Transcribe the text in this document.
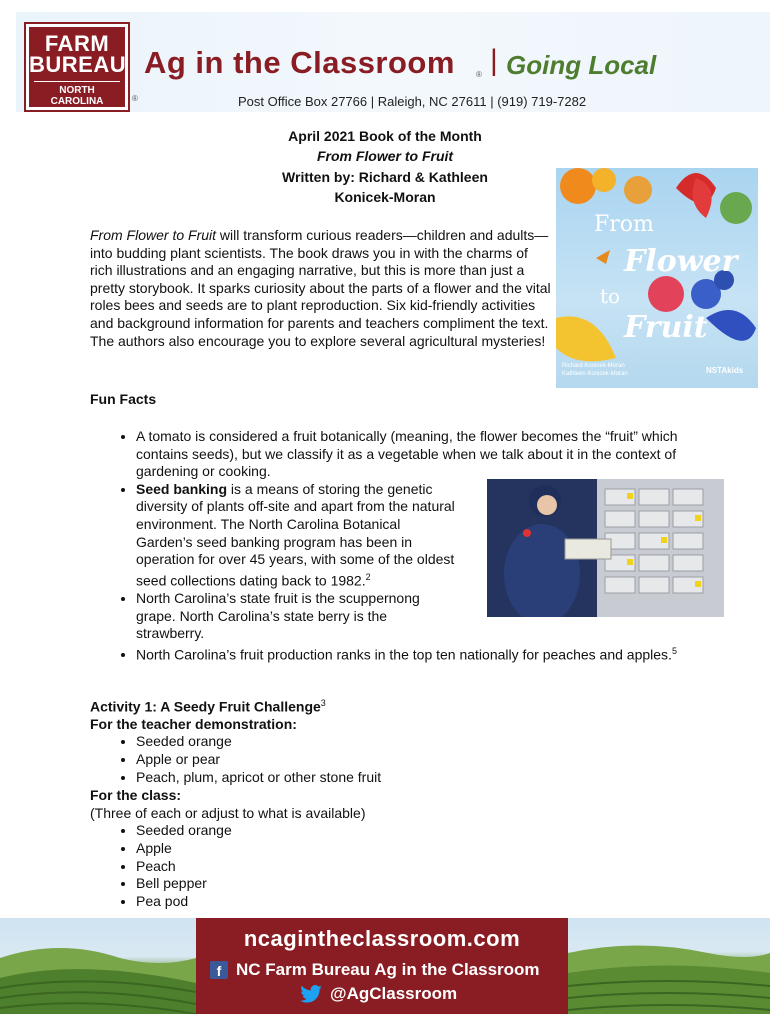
FARM
BUREAU
NORTH CAROLINA	®
Ag in the Classroom	® | Going Local
Post Office Box 27766 | Raleigh, NC 27611 | (919) 719-7282
April 2021 Book of the Month
From Flower to Fruit
Written by: Richard & Kathleen
Konicek-Moran
From Flower to Fruit will transform curious readers—children and adults—into budding plant scientists. The book draws you in with the charms of rich illustrations and an engaging narrative, but this is more than just a pretty storybook. It sparks curiosity about the parts of a flower and the vital roles bees and seeds are to plant reproduction. Six kid-friendly activities and background information for parents and teachers compliment the text. The authors also encourage you to explore several agricultural mysteries!
From
Flower
to
Fruit
Richard Konicek-Moran
Kathleen Konicek-Moran	NSTAkids
Fun Facts
• A tomato is considered a fruit botanically (meaning, the flower becomes the “fruit” which contains seeds), but we classify it as a vegetable when we talk about it in the context of gardening or cooking.
• Seed banking is a means of storing the genetic diversity of plants off-site and apart from the natural environment. The North Carolina Botanical Garden’s seed banking program has been in operation for over 45 years, with some of the oldest seed collections dating back to 1982.$^2$
• North Carolina’s state fruit is the scuppernong grape. North Carolina’s state berry is the strawberry.
• North Carolina’s fruit production ranks in the top ten nationally for peaches and apples.$^5$
Activity 1: A Seedy Fruit Challenge$^3$
For the teacher demonstration:
• Seeded orange
• Apple or pear
• Peach, plum, apricot or other stone fruit
For the class:
(Three of each or adjust to what is available)
• Seeded orange
• Apple
• Peach
• Bell pepper
• Pea pod
ncagintheclassroom.com
f NC Farm Bureau Ag in the Classroom
@AgClassroom
